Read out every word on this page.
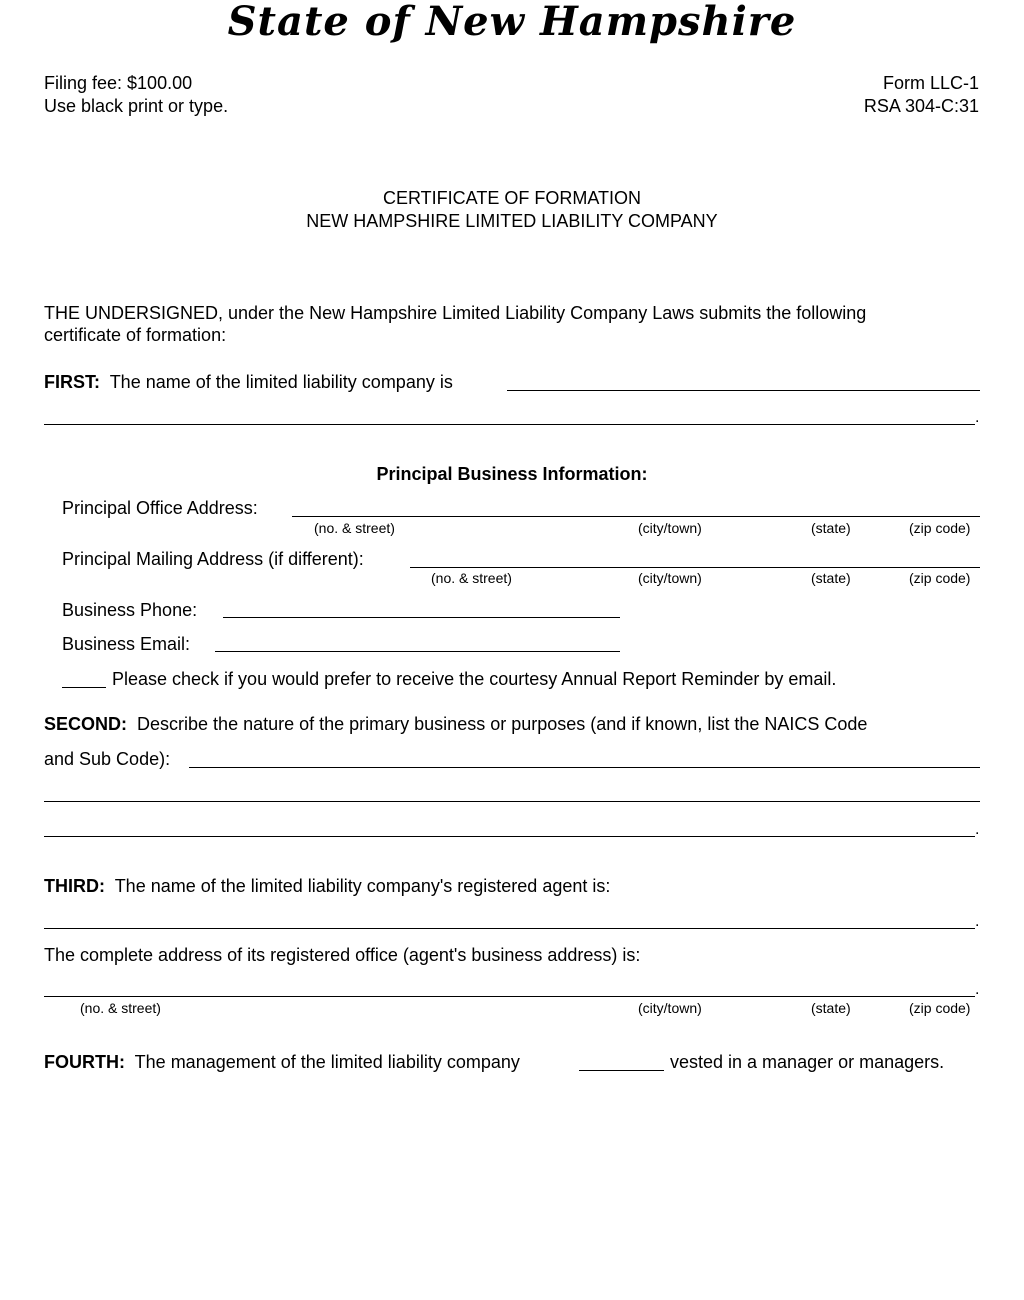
State of New Hampshire
Filing fee: $100.00
Use black print or type.
Form LLC-1
RSA 304-C:31
CERTIFICATE OF FORMATION
NEW HAMPSHIRE LIMITED LIABILITY COMPANY
THE UNDERSIGNED, under the New Hampshire Limited Liability Company Laws submits the following
certificate of formation:
FIRST: The name of the limited liability company is
.
Principal Business Information:
Principal Office Address:
(no. & street)	(city/town)	(state)	(zip code)
Principal Mailing Address (if different):
(no. & street)	(city/town)	(state)	(zip code)
Business Phone:
Business Email:
Please check if you would prefer to receive the courtesy Annual Report Reminder by email.
SECOND: Describe the nature of the primary business or purposes (and if known, list the NAICS Code
and Sub Code):
.
THIRD: The name of the limited liability company's registered agent is:
.
The complete address of its registered office (agent's business address) is:
.
(no. & street)	(city/town)	(state)	(zip code)
FOURTH: The management of the limited liability company	vested in a manager or managers.
